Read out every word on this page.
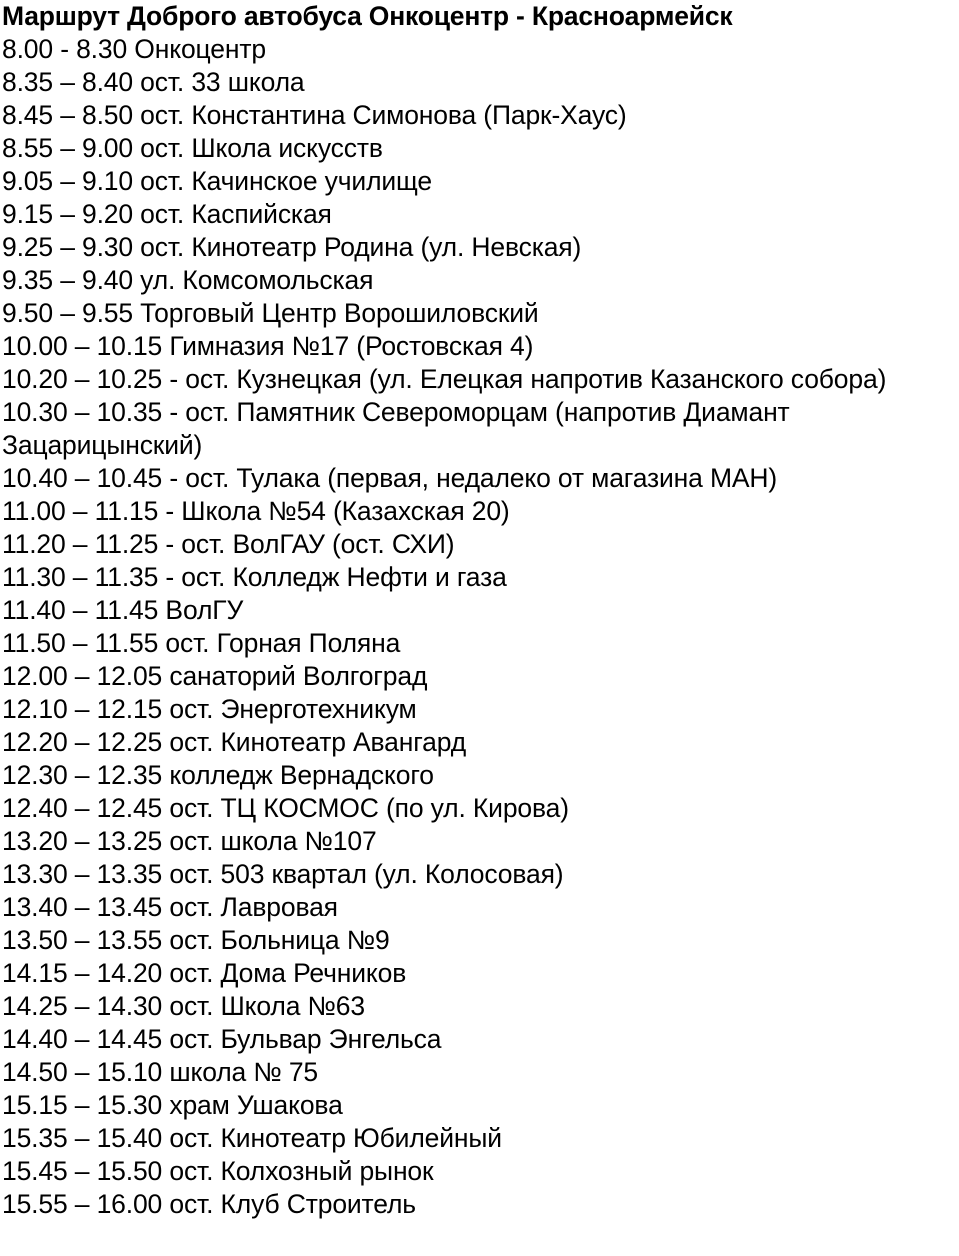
Маршрут Доброго автобуса Онкоцентр - Красноармейск
8.00 - 8.30 Онкоцентр
8.35 – 8.40 ост. 33 школа
8.45 – 8.50 ост. Константина Симонова (Парк-Хаус)
8.55 – 9.00 ост. Школа искусств
9.05 – 9.10 ост. Качинское училище
9.15 – 9.20 ост. Каспийская
9.25 – 9.30 ост. Кинотеатр Родина (ул. Невская)
9.35 – 9.40 ул. Комсомольская
9.50 – 9.55 Торговый Центр Ворошиловский
10.00 – 10.15 Гимназия №17 (Ростовская 4)
10.20 – 10.25 - ост. Кузнецкая (ул. Елецкая напротив Казанского собора)
10.30 – 10.35 - ост. Памятник Североморцам (напротив Диамант Зацарицынский)
10.40 – 10.45 - ост. Тулака (первая, недалеко от магазина МАН)
11.00 – 11.15 - Школа №54 (Казахская 20)
11.20 – 11.25 - ост. ВолГАУ (ост. СХИ)
11.30 – 11.35 - ост. Колледж Нефти и газа
11.40 – 11.45 ВолГУ
11.50 – 11.55 ост. Горная Поляна
12.00 – 12.05 санаторий Волгоград
12.10 – 12.15 ост. Энерготехникум
12.20 – 12.25 ост. Кинотеатр Авангард
12.30 – 12.35 колледж Вернадского
12.40 – 12.45 ост. ТЦ КОСМОС (по ул. Кирова)
13.20 – 13.25 ост. школа №107
13.30 – 13.35 ост. 503 квартал (ул. Колосовая)
13.40 – 13.45 ост. Лавровая
13.50 – 13.55 ост. Больница №9
14.15 – 14.20 ост. Дома Речников
14.25 – 14.30 ост. Школа №63
14.40 – 14.45 ост. Бульвар Энгельса
14.50 – 15.10 школа № 75
15.15 – 15.30 храм Ушакова
15.35 – 15.40 ост. Кинотеатр Юбилейный
15.45 – 15.50 ост. Колхозный рынок
15.55 – 16.00 ост. Клуб Строитель
